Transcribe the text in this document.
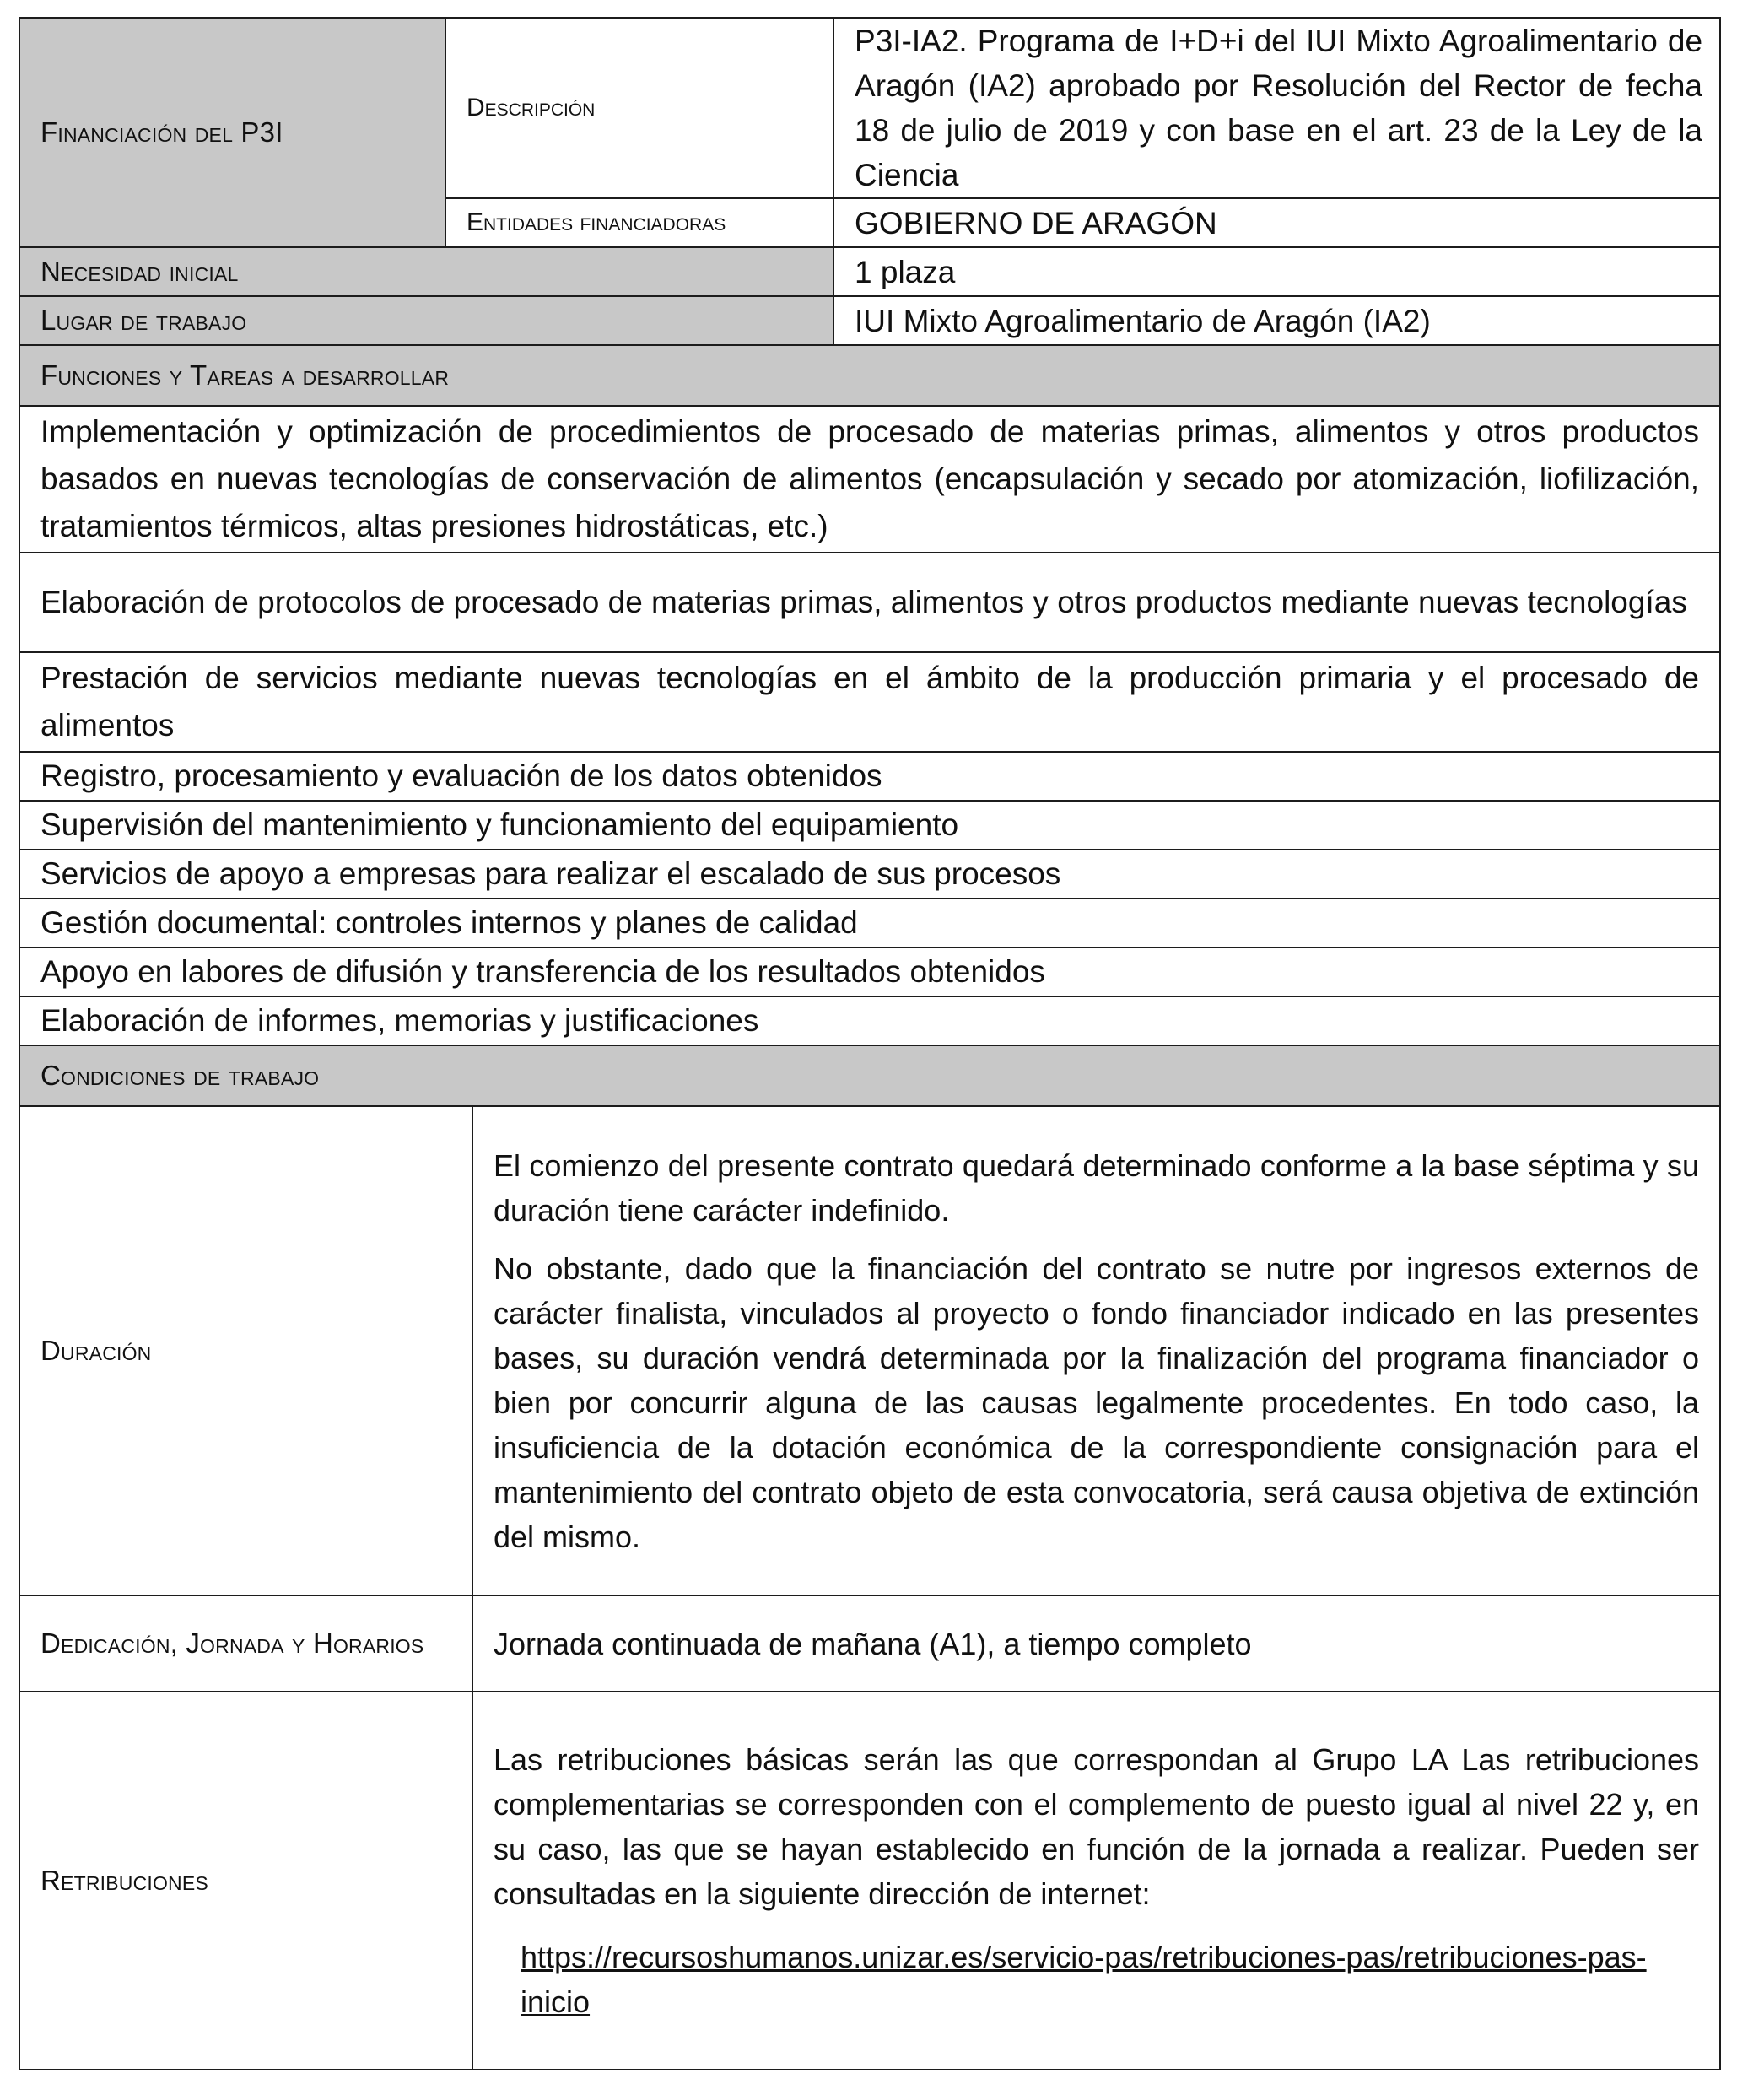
Financiación del P3I	Descripción		P3I-IA2. Programa de I+D+i del IUI Mixto Agroalimentario de Aragón (IA2) aprobado por Resolución del Rector de fecha 18 de julio de 2019 y con base en el art. 23 de la Ley de la Ciencia
	Entidades financiadoras		GOBIERNO DE ARAGÓN
Necesidad inicial			1 plaza
Lugar de trabajo			IUI Mixto Agroalimentario de Aragón (IA2)
Funciones y Tareas a desarrollar			
Implementación y optimización de procedimientos de procesado de materias primas, alimentos y otros productos basados en nuevas tecnologías de conservación de alimentos (encapsulación y secado por atomización, liofilización, tratamientos térmicos, altas presiones hidrostáticas, etc.)			
Elaboración de protocolos de procesado de materias primas, alimentos y otros productos mediante nuevas tecnologías			
Prestación de servicios mediante nuevas tecnologías en el ámbito de la producción primaria y el procesado de alimentos			
Registro, procesamiento y evaluación de los datos obtenidos			
Supervisión del mantenimiento y funcionamiento del equipamiento			
Servicios de apoyo a empresas para realizar el escalado de sus procesos			
Gestión documental: controles internos y planes de calidad			
Apoyo en labores de difusión y transferencia de los resultados obtenidos			
Elaboración de informes, memorias y justificaciones			
Condiciones de trabajo			
Duración		El comienzo del presente contrato quedará determinado conforme a la base séptima y su duración tiene carácter indefinido.

No obstante, dado que la financiación del contrato se nutre por ingresos externos de carácter finalista, vinculados al proyecto o fondo financiador indicado en las presentes bases, su duración vendrá determinada por la finalización del programa financiador o bien por concurrir alguna de las causas legalmente procedentes. En todo caso, la insuficiencia de la dotación económica de la correspondiente consignación para el mantenimiento del contrato objeto de esta convocatoria, será causa objetiva de extinción del mismo.	

Dedicación, Jornada y Horarios		Jornada continuada de mañana (A1), a tiempo completo	
Retribuciones		Las retribuciones básicas serán las que correspondan al Grupo LA Las retribuciones complementarias se corresponden con el complemento de puesto igual al nivel 22 y, en su caso, las que se hayan establecido en función de la jornada a realizar. Pueden ser consultadas en la siguiente dirección de internet:

https://recursoshumanos.unizar.es/servicio-pas/retribuciones-pas/retribuciones-pas-inicio	
